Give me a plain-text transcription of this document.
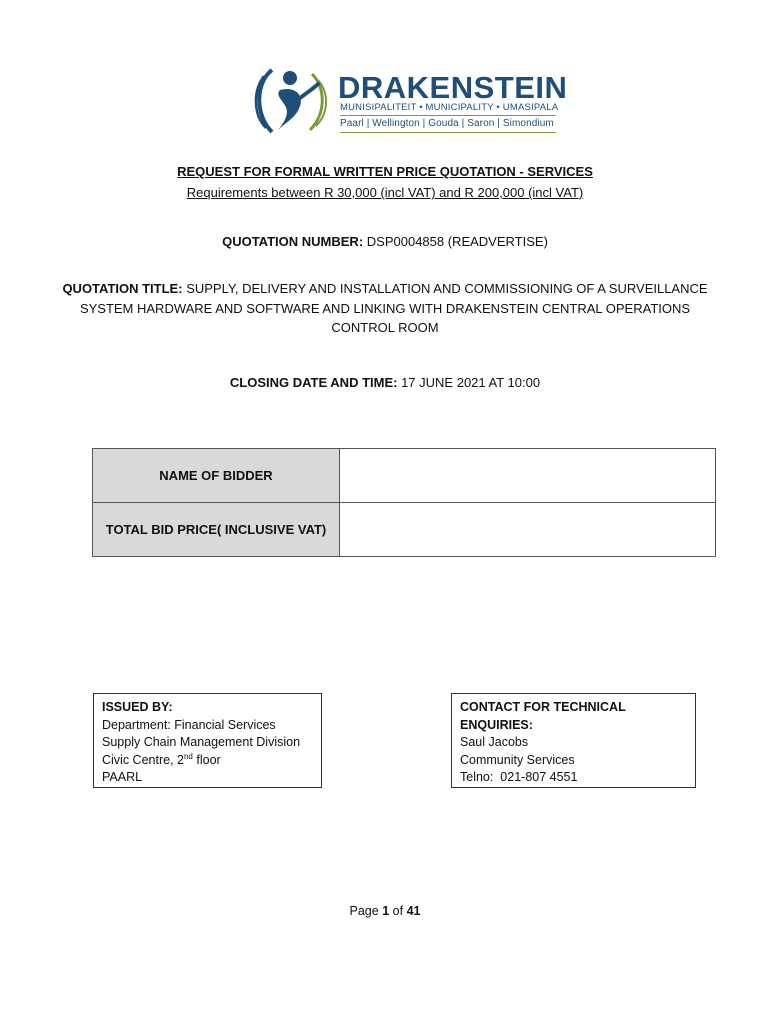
DRAKENSTEIN
MUNISIPALITEIT • MUNICIPALITY • UMASIPALA
Paarl | Wellington | Gouda | Saron | Simondium
REQUEST FOR FORMAL WRITTEN PRICE QUOTATION - SERVICES
Requirements between R 30,000 (incl VAT) and R 200,000 (incl VAT)
QUOTATION NUMBER: DSP0004858 (READVERTISE)
QUOTATION TITLE: SUPPLY, DELIVERY AND INSTALLATION AND COMMISSIONING OF A SURVEILLANCE SYSTEM HARDWARE AND SOFTWARE AND LINKING WITH DRAKENSTEIN CENTRAL OPERATIONS CONTROL ROOM
CLOSING DATE AND TIME: 17 JUNE 2021 AT 10:00
NAME OF BIDDER	
TOTAL BID PRICE( INCLUSIVE VAT)	
ISSUED BY:
Department: Financial Services
Supply Chain Management Division
Civic Centre, 2nd floor
PAARL
CONTACT FOR TECHNICAL ENQUIRIES:
Saul Jacobs
Community Services
Telno:  021-807 4551
Page 1 of 41
